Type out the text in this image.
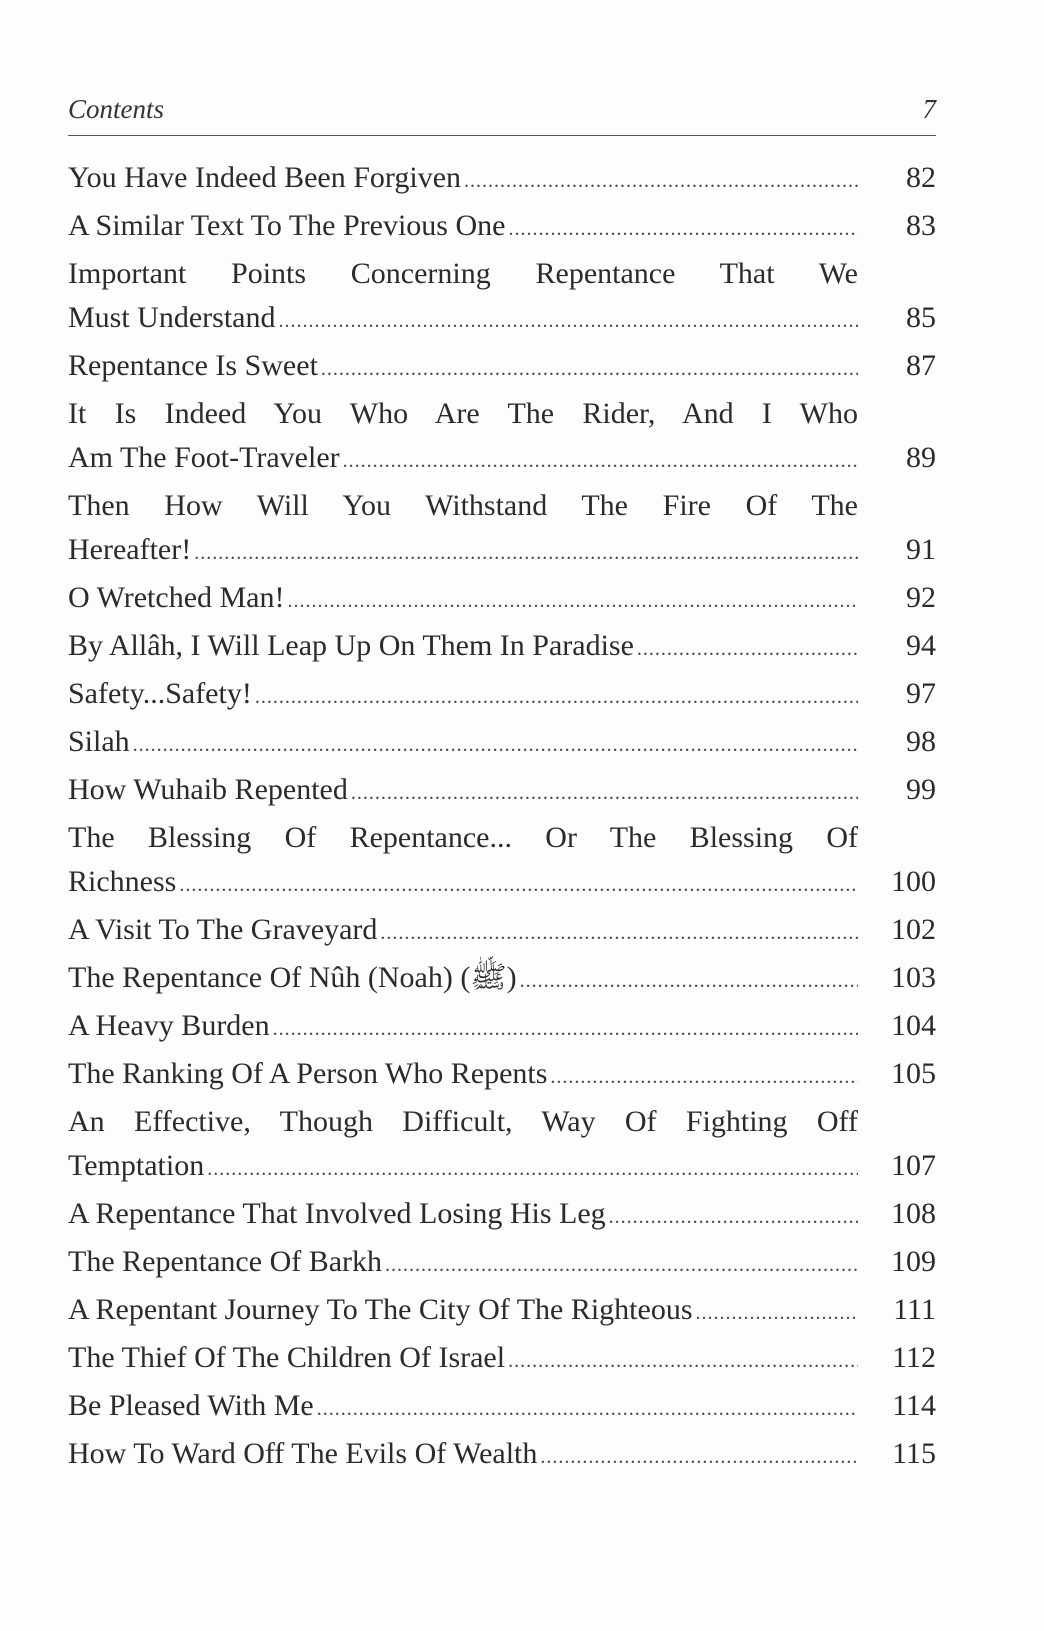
Contents	7
You Have Indeed Been Forgiven .....	82
A Similar Text To The Previous One .....	83
Important Points Concerning Repentance That We
Must Understand .....	85
Repentance Is Sweet .....	87
It Is Indeed You Who Are The Rider, And I Who
Am The Foot-Traveler .....	89
Then How Will You Withstand The Fire Of The
Hereafter! .....	91
O Wretched Man! .....	92
By Allâh, I Will Leap Up On Them In Paradise .....	94
Safety...Safety! .....	97
Silah .....	98
How Wuhaib Repented .....	99
The Blessing Of Repentance... Or The Blessing Of
Richness .....	100
A Visit To The Graveyard .....	102
The Repentance Of Nûh (Noah) (ﷺ) .....	103
A Heavy Burden .....	104
The Ranking Of A Person Who Repents .....	105
An Effective, Though Difficult, Way Of Fighting Off
Temptation .....	107
A Repentance That Involved Losing His Leg .....	108
The Repentance Of Barkh .....	109
A Repentant Journey To The City Of The Righteous .....	111
The Thief Of The Children Of Israel .....	112
Be Pleased With Me .....	114
How To Ward Off The Evils Of Wealth .....	115
